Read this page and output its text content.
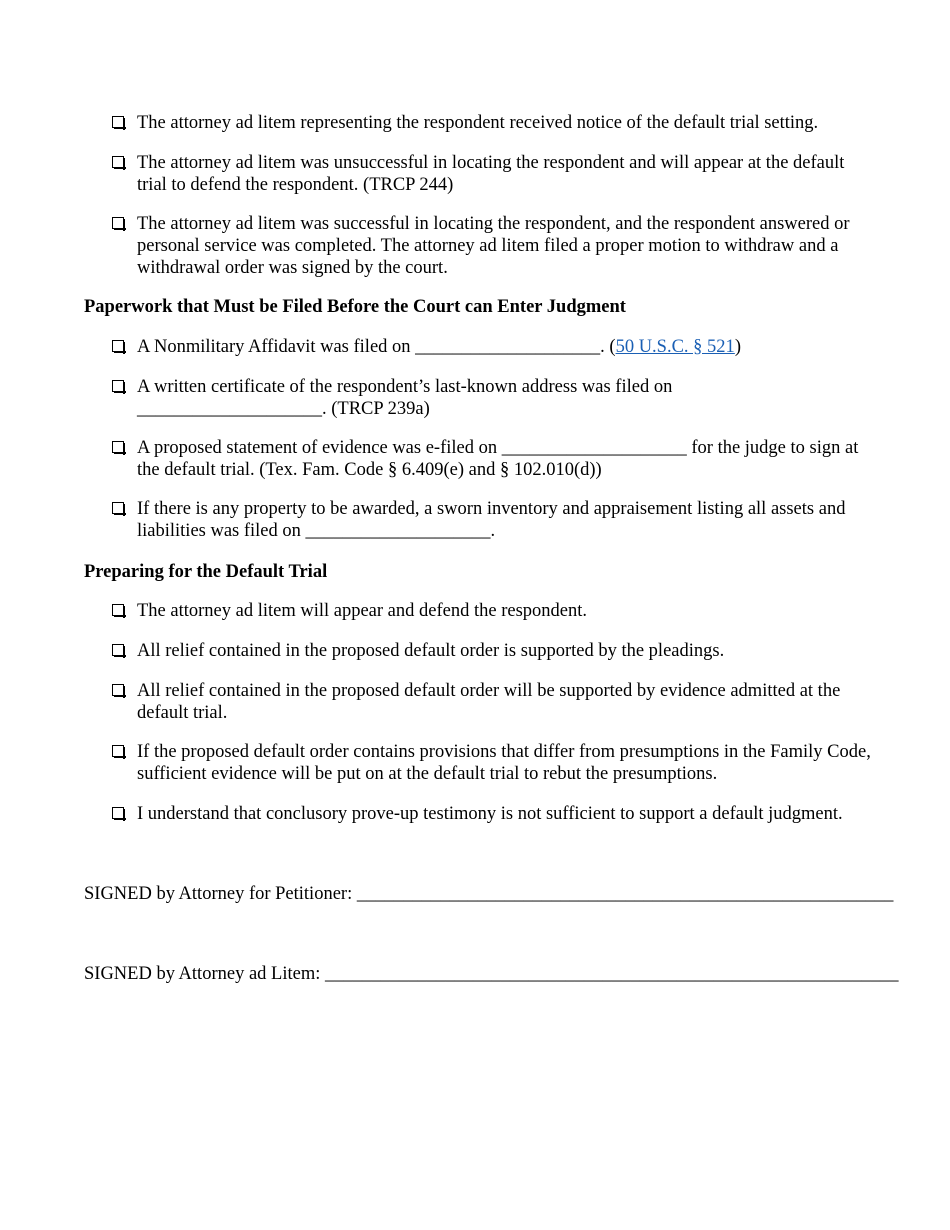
The attorney ad litem representing the respondent received notice of the default trial setting.
The attorney ad litem was unsuccessful in locating the respondent and will appear at the default trial to defend the respondent. (TRCP 244)
The attorney ad litem was successful in locating the respondent, and the respondent answered or personal service was completed. The attorney ad litem filed a proper motion to withdraw and a withdrawal order was signed by the court.
Paperwork that Must be Filed Before the Court can Enter Judgment
A Nonmilitary Affidavit was filed on ____________________. (50 U.S.C. § 521)
A written certificate of the respondent’s last-known address was filed on ____________________. (TRCP 239a)
A proposed statement of evidence was e-filed on ____________________ for the judge to sign at the default trial. (Tex. Fam. Code § 6.409(e) and § 102.010(d))
If there is any property to be awarded, a sworn inventory and appraisement listing all assets and liabilities was filed on ____________________.
Preparing for the Default Trial
The attorney ad litem will appear and defend the respondent.
All relief contained in the proposed default order is supported by the pleadings.
All relief contained in the proposed default order will be supported by evidence admitted at the default trial.
If the proposed default order contains provisions that differ from presumptions in the Family Code, sufficient evidence will be put on at the default trial to rebut the presumptions.
I understand that conclusory prove-up testimony is not sufficient to support a default judgment.
SIGNED by Attorney for Petitioner: __________________________________________________________
SIGNED by Attorney ad Litem: ______________________________________________________________
